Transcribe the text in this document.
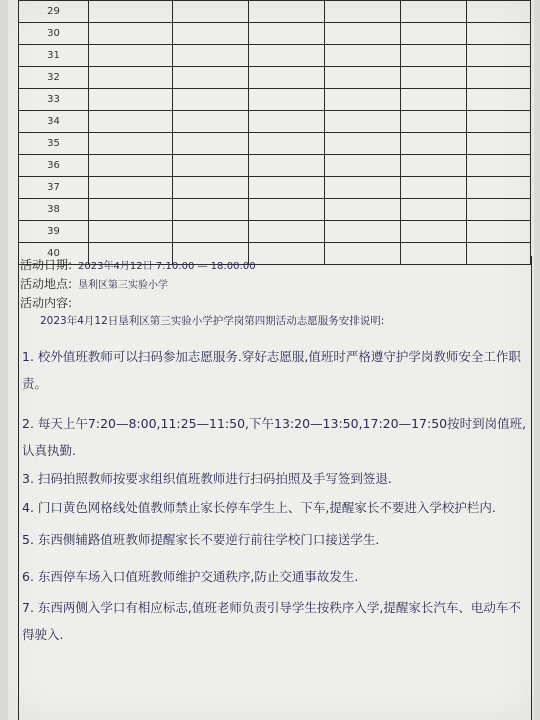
29						
30						
31						
32						
33						
34						
35						
36						
37						
38						
39						
40						
活动日期: 2023年4月12日 7:10:00 — 18:00:00
活动地点: 垦利区第三实验小学
活动内容:
2023年4月12日垦利区第三实验小学护学岗第四期活动志愿服务安排说明:
1. 校外值班教师可以扫码参加志愿服务.穿好志愿服,值班时严格遵守护学岗教师安全工作职责。
2. 每天上午7:20—8:00,11:25—11:50,下午13:20—13:50,17:20—17:50按时到岗值班,认真执勤.
3. 扫码拍照教师按要求组织值班教师进行扫码拍照及手写签到签退.
4. 门口黄色网格线处值教师禁止家长停车学生上、下车,提醒家长不要进入学校护栏内.
5. 东西侧辅路值班教师提醒家长不要逆行前往学校门口接送学生.
6. 东西停车场入口值班教师维护交通秩序,防止交通事故发生.
7. 东西两侧入学口有相应标志,值班老师负责引导学生按秩序入学,提醒家长汽车、电动车不得驶入.
